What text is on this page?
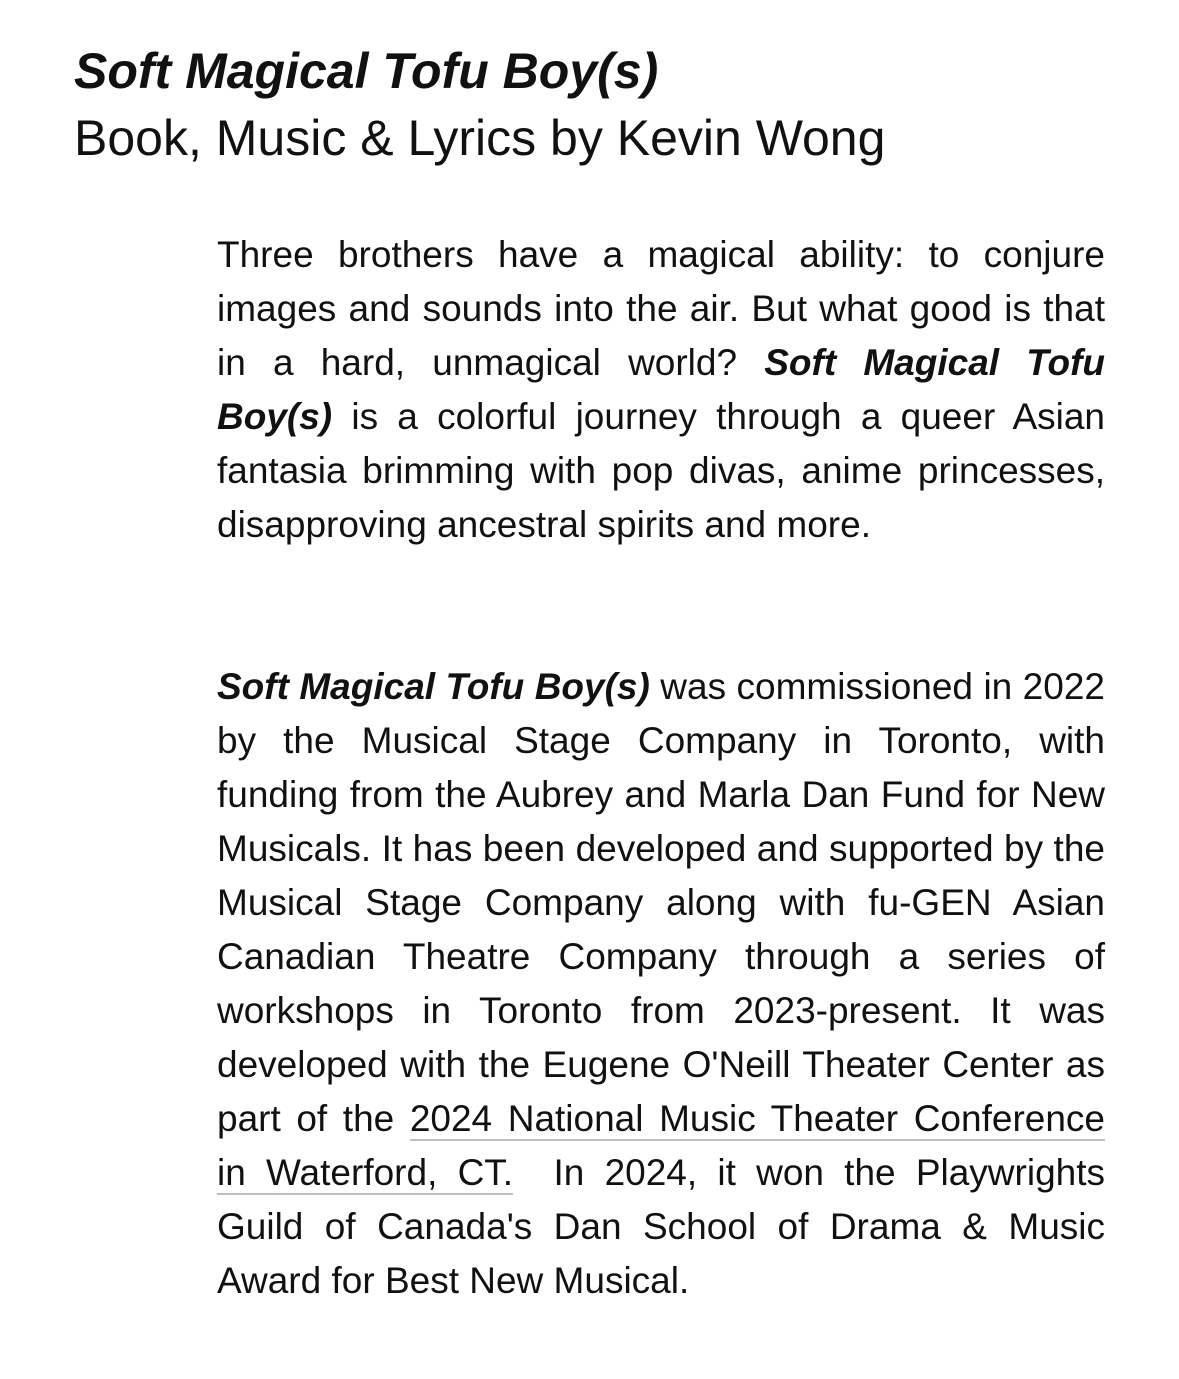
Soft Magical Tofu Boy(s)
Book, Music & Lyrics by Kevin Wong

Three brothers have a magical ability: to conjure images and sounds into the air. But what good is that in a hard, unmagical world? Soft Magical Tofu Boy(s) is a colorful journey through a queer Asian fantasia brimming with pop divas, anime princesses, disapproving ancestral spirits and more.

Soft Magical Tofu Boy(s) was commissioned in 2022 by the Musical Stage Company in Toronto, with funding from the Aubrey and Marla Dan Fund for New Musicals. It has been developed and supported by the Musical Stage Company along with fu-GEN Asian Canadian Theatre Company through a series of workshops in Toronto from 2023-present. It was developed with the Eugene O'Neill Theater Center as part of the 2024 National Music Theater Conference in Waterford, CT.  In 2024, it won the Playwrights Guild of Canada's Dan School of Drama & Music Award for Best New Musical.
